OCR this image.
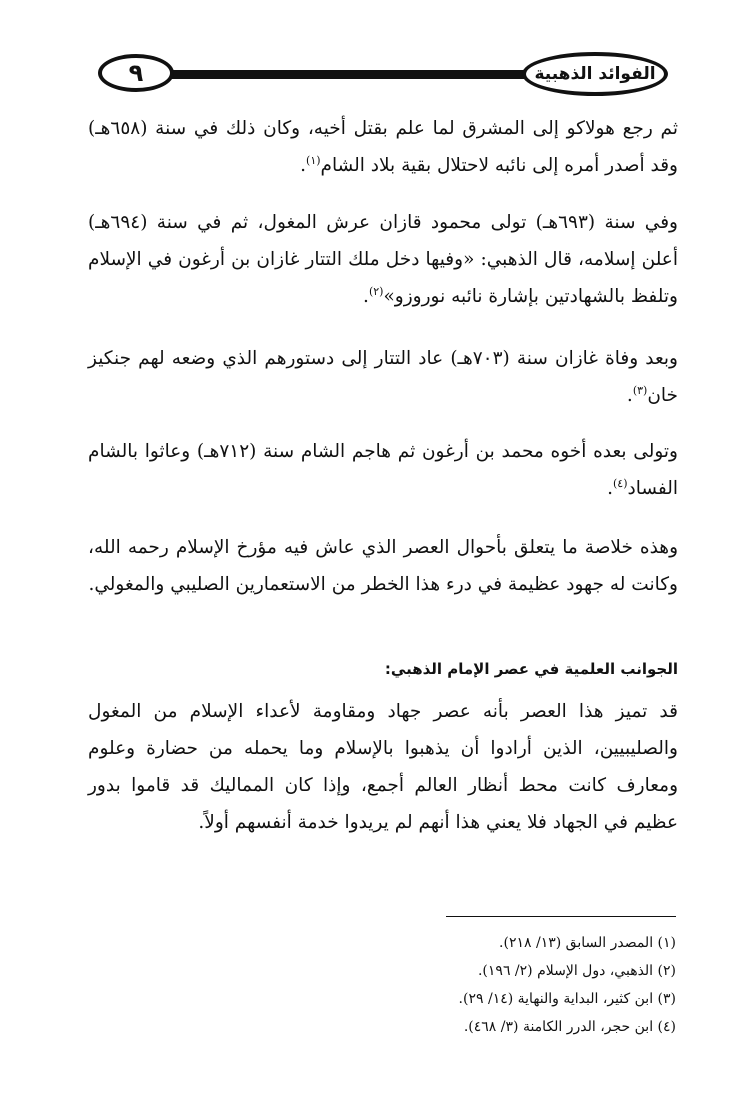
٩	الفوائد الذهبية

ثم رجع هولاكو إلى المشرق لما علم بقتل أخيه، وكان ذلك في سنة (٦٥٨هـ) وقد أصدر أمره إلى نائبه لاحتلال بقية بلاد الشام$^{(١)}$.

وفي سنة (٦٩٣هـ) تولى محمود قازان عرش المغول، ثم في سنة (٦٩٤هـ) أعلن إسلامه، قال الذهبي: «وفيها دخل ملك التتار غازان بن أرغون في الإسلام وتلفظ بالشهادتين بإشارة نائبه نوروزو»$^{(٢)}$.

وبعد وفاة غازان سنة (٧٠٣هـ) عاد التتار إلى دستورهم الذي وضعه لهم جنكيز خان$^{(٣)}$.

وتولى بعده أخوه محمد بن أرغون ثم هاجم الشام سنة (٧١٢هـ) وعاثوا بالشام الفساد$^{(٤)}$.

وهذه خلاصة ما يتعلق بأحوال العصر الذي عاش فيه مؤرخ الإسلام رحمه الله، وكانت له جهود عظيمة في درء هذا الخطر من الاستعمارين الصليبي والمغولي.

الجوانب العلمية في عصر الإمام الذهبي:

قد تميز هذا العصر بأنه عصر جهاد ومقاومة لأعداء الإسلام من المغول والصليبيين، الذين أرادوا أن يذهبوا بالإسلام وما يحمله من حضارة وعلوم ومعارف كانت محط أنظار العالم أجمع، وإذا كان المماليك قد قاموا بدور عظيم في الجهاد فلا يعني هذا أنهم لم يريدوا خدمة أنفسهم أولاً.

(١) المصدر السابق (١٣/ ٢١٨).
(٢) الذهبي، دول الإسلام (٢/ ١٩٦).
(٣) ابن كثير، البداية والنهاية (١٤/ ٢٩).
(٤) ابن حجر، الدرر الكامنة (٣/ ٤٦٨).
